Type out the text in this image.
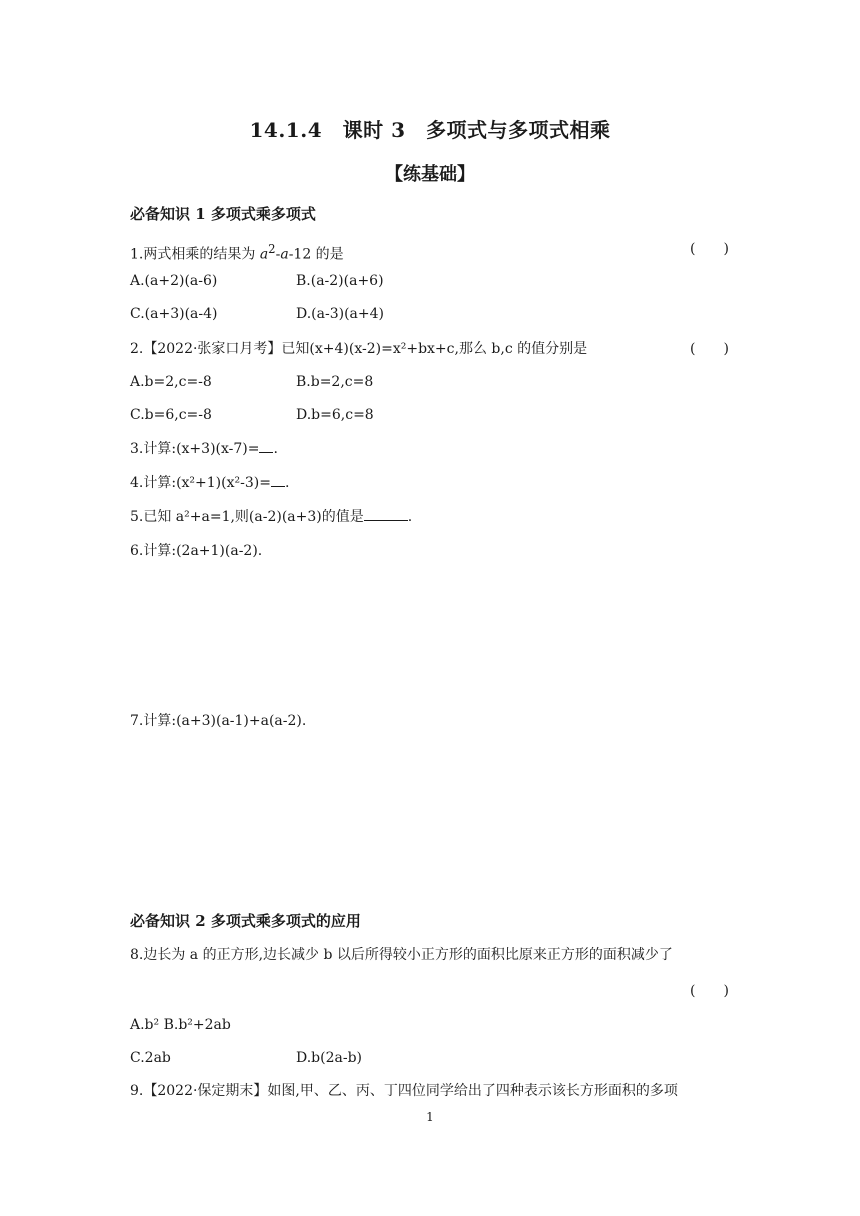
14.1.4　课时 3　多项式与多项式相乘
【练基础】
必备知识 1 多项式乘多项式
1.两式相乘的结果为 $a^2-a-12$ 的是	(　　)
A.(a+2)(a-6)	B.(a-2)(a+6)
C.(a+3)(a-4)	D.(a-3)(a+4)
2.【2022·张家口月考】已知(x+4)(x-2)=x²+bx+c,那么 b,c 的值分别是	(　　)
A.b=2,c=-8	B.b=2,c=8
C.b=6,c=-8	D.b=6,c=8
3.计算:(x+3)(x-7)= .
4.计算:(x²+1)(x²-3)= .
5.已知 a²+a=1,则(a-2)(a+3)的值是	.
6.计算:(2a+1)(a-2).
7.计算:(a+3)(a-1)+a(a-2).
必备知识 2 多项式乘多项式的应用
8.边长为 a 的正方形,边长减少 b 以后所得较小正方形的面积比原来正方形的面积减少了
(　　)
A.b² B.b²+2ab
C.2ab	D.b(2a-b)
9.【2022·保定期末】如图,甲、乙、丙、丁四位同学给出了四种表示该长方形面积的多项
1
